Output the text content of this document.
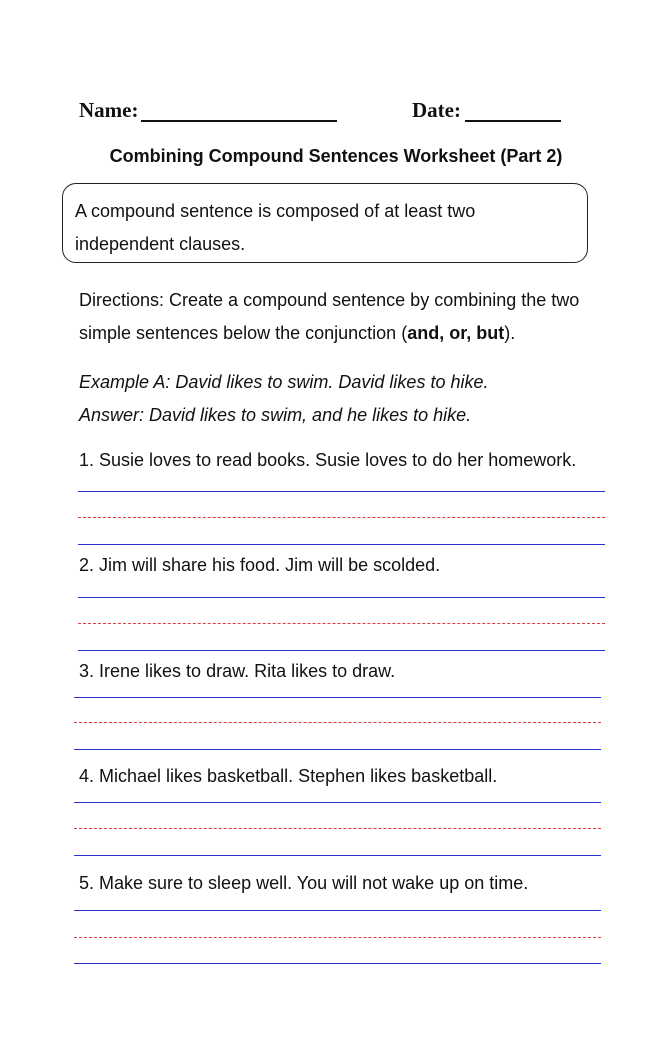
Name:	Date:
Combining Compound Sentences Worksheet (Part 2)
A compound sentence is composed of at least two
independent clauses.
Directions: Create a compound sentence by combining the two
simple sentences below the conjunction (and, or, but).
Example A: David likes to swim. David likes to hike.
Answer: David likes to swim, and he likes to hike.
1. Susie loves to read books. Susie loves to do her homework.
2. Jim will share his food. Jim will be scolded.
3. Irene likes to draw. Rita likes to draw.
4. Michael likes basketball. Stephen likes basketball.
5. Make sure to sleep well. You will not wake up on time.
